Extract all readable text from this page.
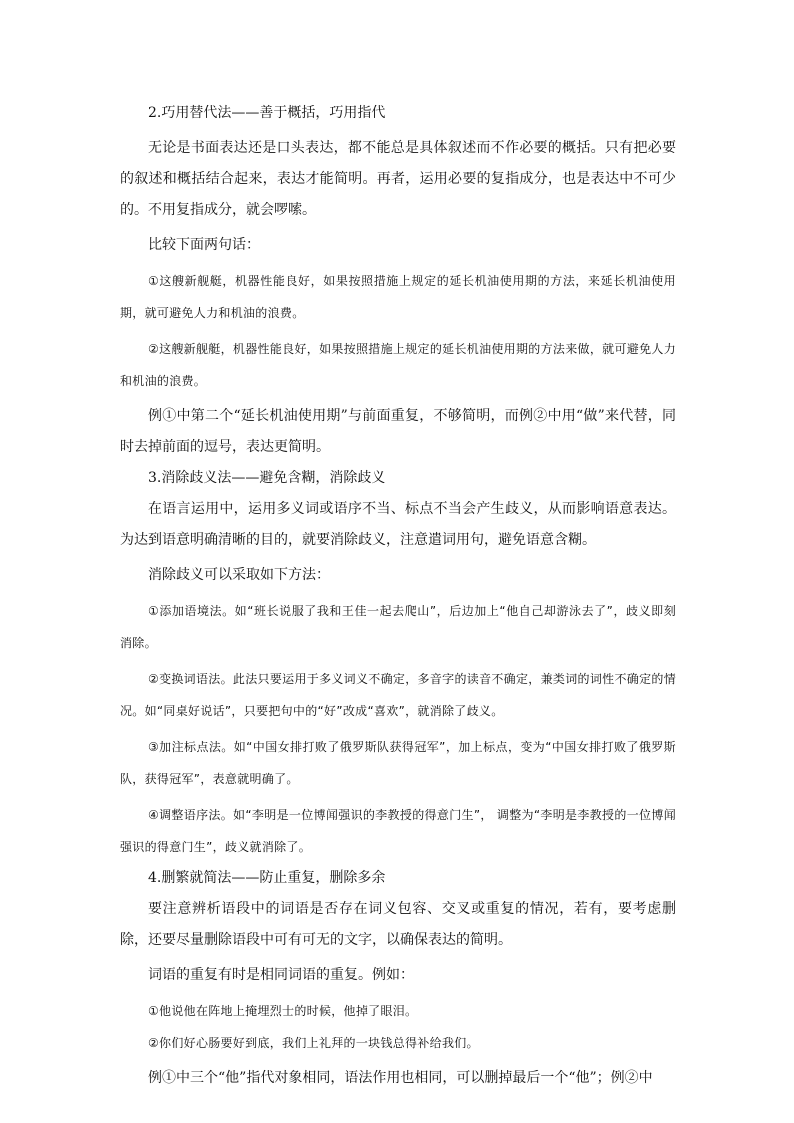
2.巧用替代法——善于概括，巧用指代

无论是书面表达还是口头表达，都不能总是具体叙述而不作必要的概括。只有把必要的叙述和概括结合起来，表达才能简明。再者，运用必要的复指成分，也是表达中不可少的。不用复指成分，就会啰嗦。

比较下面两句话：

①这艘新舰艇，机器性能良好，如果按照措施上规定的延长机油使用期的方法，来延长机油使用期，就可避免人力和机油的浪费。

②这艘新舰艇，机器性能良好，如果按照措施上规定的延长机油使用期的方法来做，就可避免人力和机油的浪费。

例①中第二个“延长机油使用期”与前面重复，不够简明，而例②中用“做”来代替，同时去掉前面的逗号，表达更简明。

3.消除歧义法——避免含糊，消除歧义

在语言运用中，运用多义词或语序不当、标点不当会产生歧义，从而影响语意表达。为达到语意明确清晰的目的，就要消除歧义，注意遣词用句，避免语意含糊。

消除歧义可以采取如下方法：

①添加语境法。如“班长说服了我和王佳一起去爬山”，后边加上“他自己却游泳去了”，歧义即刻消除。

②变换词语法。此法只要运用于多义词义不确定，多音字的读音不确定，兼类词的词性不确定的情况。如“同桌好说话”，只要把句中的“好”改成“喜欢”，就消除了歧义。

③加注标点法。如“中国女排打败了俄罗斯队获得冠军”，加上标点，变为“中国女排打败了俄罗斯队，获得冠军”，表意就明确了。

④调整语序法。如“李明是一位博闻强识的李教授的得意门生”， 调整为“李明是李教授的一位博闻强识的得意门生”，歧义就消除了。

4.删繁就简法——防止重复，删除多余

要注意辨析语段中的词语是否存在词义包容、交叉或重复的情况，若有，要考虑删除，还要尽量删除语段中可有可无的文字，以确保表达的简明。

词语的重复有时是相同词语的重复。例如：

①他说他在阵地上掩埋烈士的时候，他掉了眼泪。

②你们好心肠要好到底，我们上礼拜的一块钱总得补给我们。

例①中三个“他”指代对象相同，语法作用也相同，可以删掉最后一个“他”；例②中
